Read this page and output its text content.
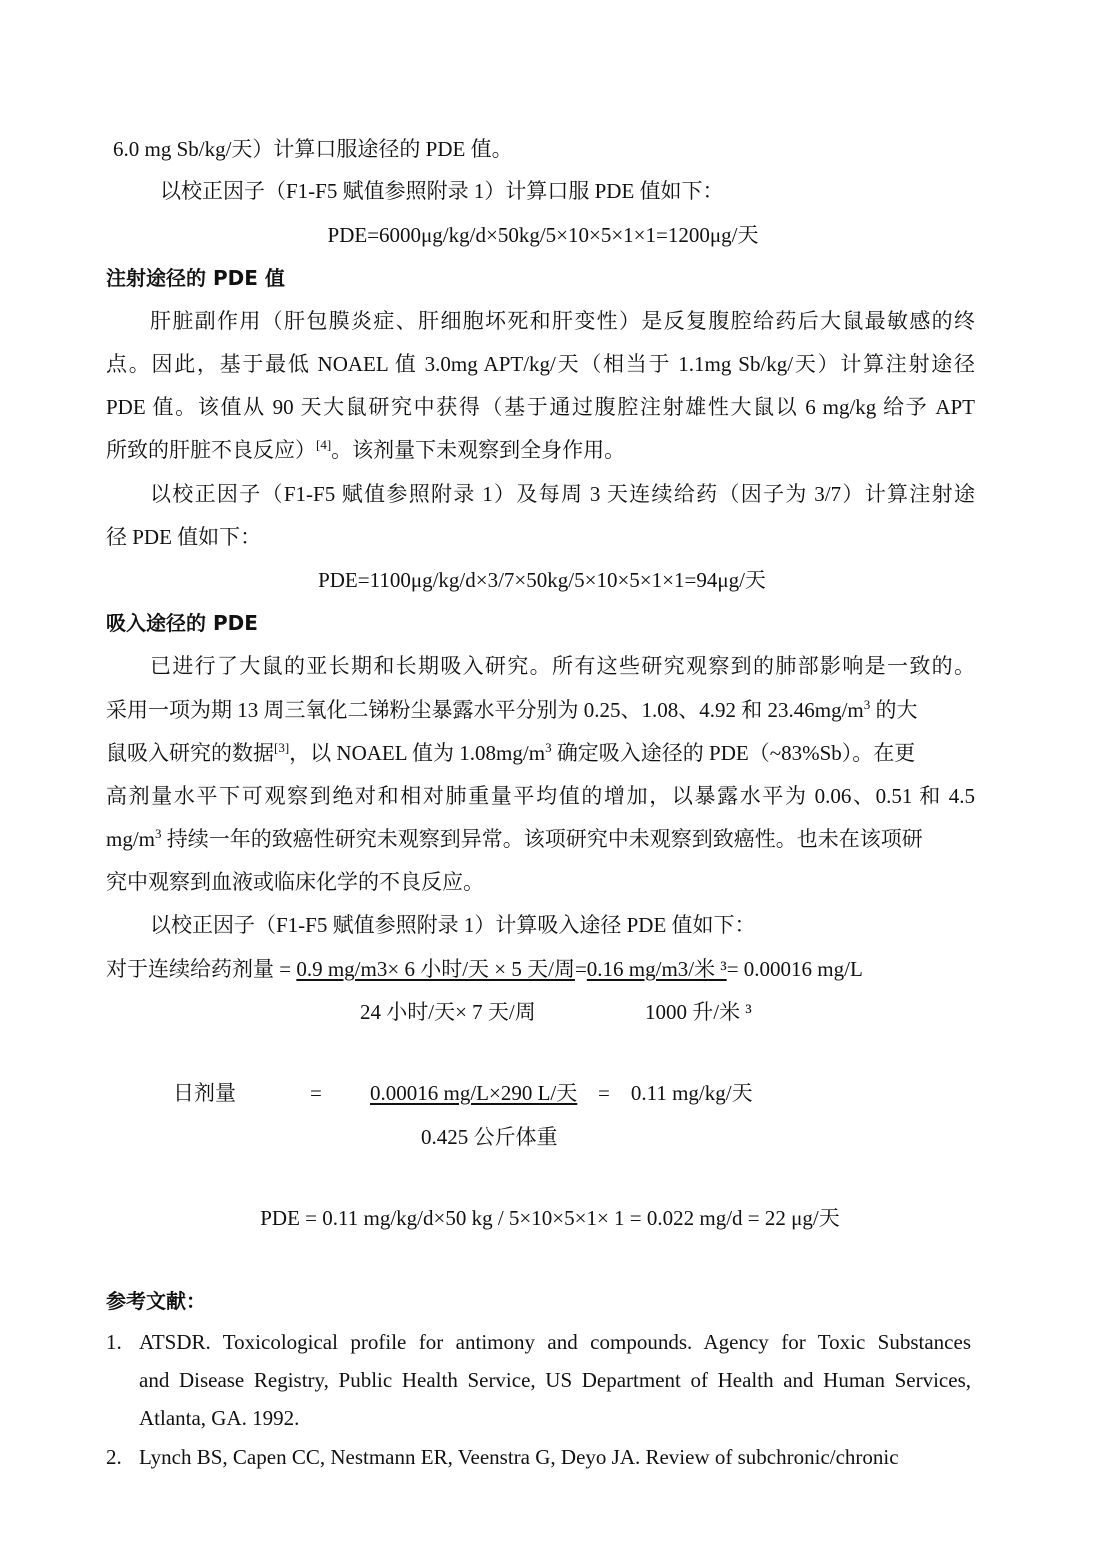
6.0 mg Sb/kg/天）计算口服途径的 PDE 值。
以校正因子（F1-F5 赋值参照附录 1）计算口服 PDE 值如下：
PDE=6000μg/kg/d×50kg/5×10×5×1×1=1200μg/天
注射途径的 PDE 值
肝脏副作用（肝包膜炎症、肝细胞坏死和肝变性）是反复腹腔给药后大鼠最敏感的终
点。因此，基于最低 NOAEL 值 3.0mg APT/kg/天（相当于 1.1mg Sb/kg/天）计算注射途径
PDE 值。该值从 90 天大鼠研究中获得（基于通过腹腔注射雄性大鼠以 6 mg/kg 给予 APT
所致的肝脏不良反应）[4]。该剂量下未观察到全身作用。
以校正因子（F1-F5 赋值参照附录 1）及每周 3 天连续给药（因子为 3/7）计算注射途
径 PDE 值如下：
PDE=1100μg/kg/d×3/7×50kg/5×10×5×1×1=94μg/天
吸入途径的 PDE
已进行了大鼠的亚长期和长期吸入研究。所有这些研究观察到的肺部影响是一致的。
采用一项为期 13 周三氧化二锑粉尘暴露水平分别为 0.25、1.08、4.92 和 $23.46mg/m^3$ 的大
鼠吸入研究的数据[3]，以 NOAEL 值为 $1.08mg/m^3$ 确定吸入途径的 PDE（~83%Sb）。在更
高剂量水平下可观察到绝对和相对肺重量平均值的增加，以暴露水平为 0.06、0.51 和 4.5
$mg/m^3$ 持续一年的致癌性研究未观察到异常。该项研究中未观察到致癌性。也未在该项研
究中观察到血液或临床化学的不良反应。
以校正因子（F1-F5 赋值参照附录 1）计算吸入途径 PDE 值如下：
对于连续给药剂量 = 0.9 mg/m3× 6 小时/天 × 5 天/周=0.16 mg/m3/米 ³= 0.00016 mg/L
24 小时/天× 7 天/周	1000 升/米 ³
日剂量	= 0.00016 mg/L×290 L/天 =    0.11 mg/kg/天
0.425 公斤体重
PDE = 0.11 mg/kg/d×50 kg / 5×10×5×1× 1 = 0.022 mg/d = 22 μg/天
参考文献：
1. ATSDR. Toxicological profile for antimony and compounds. Agency for Toxic Substances
and Disease Registry, Public Health Service, US Department of Health and Human Services,
Atlanta, GA. 1992.
2. Lynch BS, Capen CC, Nestmann ER, Veenstra G, Deyo JA. Review of subchronic/chronic
